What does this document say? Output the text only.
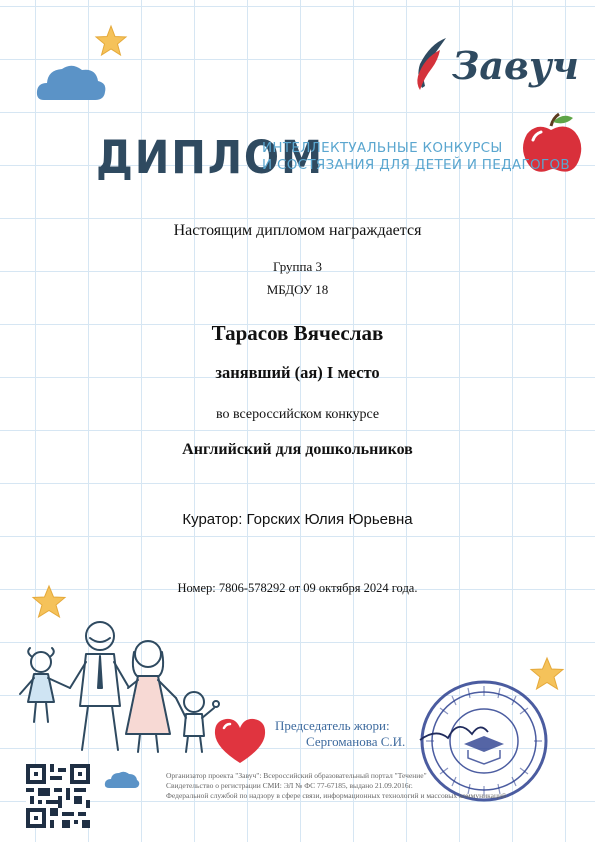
Завуч
ДИПЛОМ
ИНТЕЛЛЕКТУАЛЬНЫЕ КОНКУРСЫ
И СОСТЯЗАНИЯ ДЛЯ ДЕТЕЙ И ПЕДАГОГОВ
Настоящим дипломом награждается
Группа 3
МБДОУ 18
Тарасов Вячеслав
занявший (ая) I место
во всероссийском конкурсе
Английский для дошкольников
Куратор: Горских Юлия Юрьевна
Номер: 7806-578292 от 09 октября 2024 года.
Председатель жюри:
Сергоманова С.И.
Организатор проекта "Завуч": Всероссийский образовательный портал "Течение"
Свидетельство о регистрации СМИ: ЭЛ № ФС 77-67185, выдано 21.09.2016г.
Федеральной службой по надзору в сфере связи, информационных технологий и массовых коммуникаций
